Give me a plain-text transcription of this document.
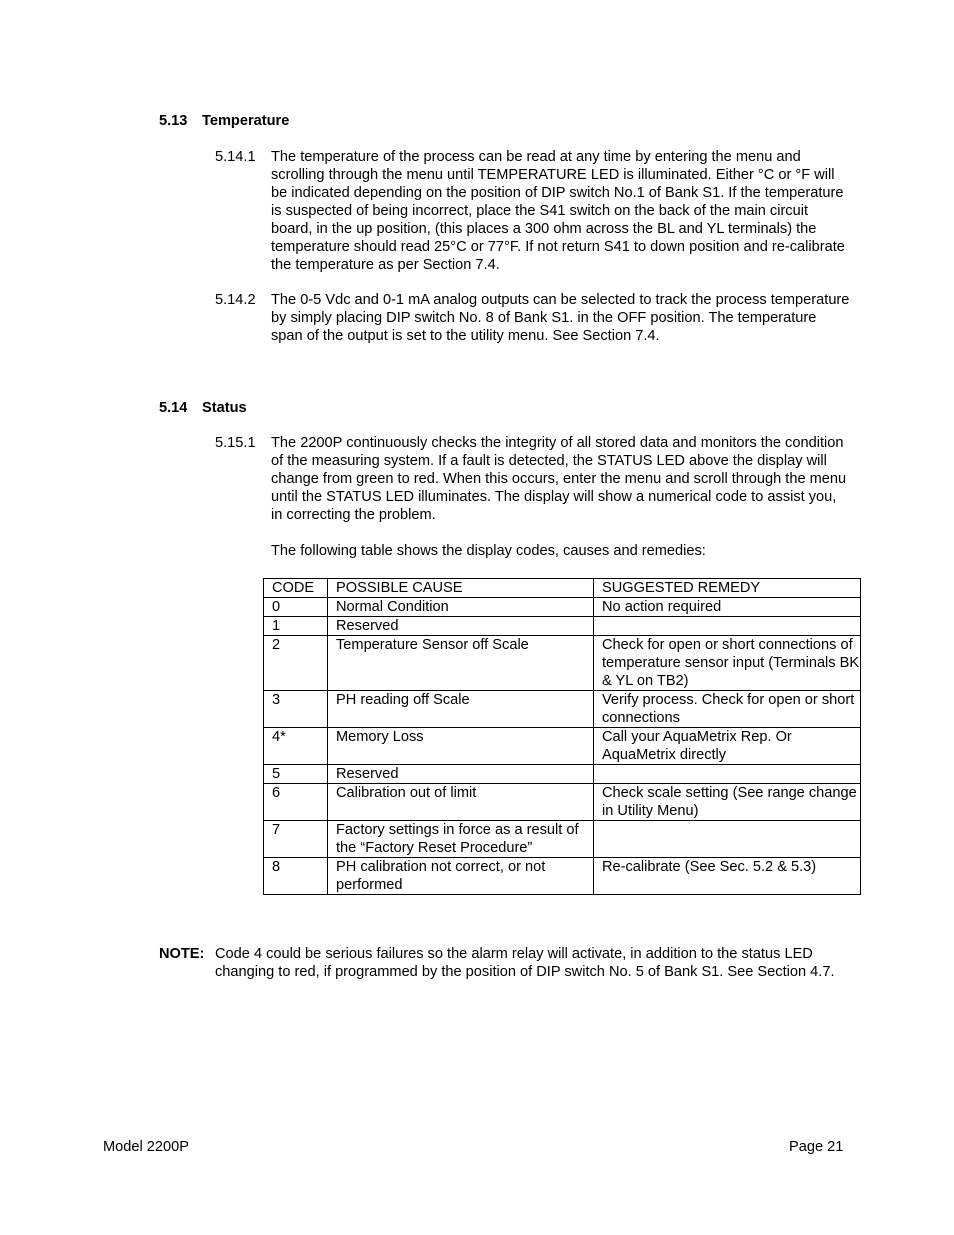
5.13 Temperature
5.14.1 The temperature of the process can be read at any time by entering the menu and scrolling through the menu until TEMPERATURE LED is illuminated. Either °C or °F will be indicated depending on the position of DIP switch No.1 of Bank S1. If the temperature is suspected of being incorrect, place the S41 switch on the back of the main circuit board, in the up position, (this places a 300 ohm across the BL and YL terminals) the temperature should read 25°C or 77°F. If not return S41 to down position and re-calibrate the temperature as per Section 7.4.
5.14.2 The 0-5 Vdc and 0-1 mA analog outputs can be selected to track the process temperature by simply placing DIP switch No. 8 of Bank S1. in the OFF position. The temperature span of the output is set to the utility menu. See Section 7.4.
5.14 Status
5.15.1 The 2200P continuously checks the integrity of all stored data and monitors the condition of the measuring system. If a fault is detected, the STATUS LED above the display will change from green to red. When this occurs, enter the menu and scroll through the menu until the STATUS LED illuminates. The display will show a numerical code to assist you, in correcting the problem.
The following table shows the display codes, causes and remedies:
CODE	POSSIBLE CAUSE	SUGGESTED REMEDY
0	Normal Condition	No action required
1	Reserved	
2	Temperature Sensor off Scale	Check for open or short connections of temperature sensor input (Terminals BK & YL on TB2)
3	PH reading off Scale	Verify process. Check for open or short connections
4*	Memory Loss	Call your AquaMetrix Rep. Or AquaMetrix directly
5	Reserved	
6	Calibration out of limit	Check scale setting (See range change in Utility Menu)
7	Factory settings in force as a result of the “Factory Reset Procedure”	
8	PH calibration not correct, or not performed	Re-calibrate (See Sec. 5.2 & 5.3)
NOTE: Code 4 could be serious failures so the alarm relay will activate, in addition to the status LED changing to red, if programmed by the position of DIP switch No. 5 of Bank S1. See Section 4.7.
Model 2200P	Page 21
